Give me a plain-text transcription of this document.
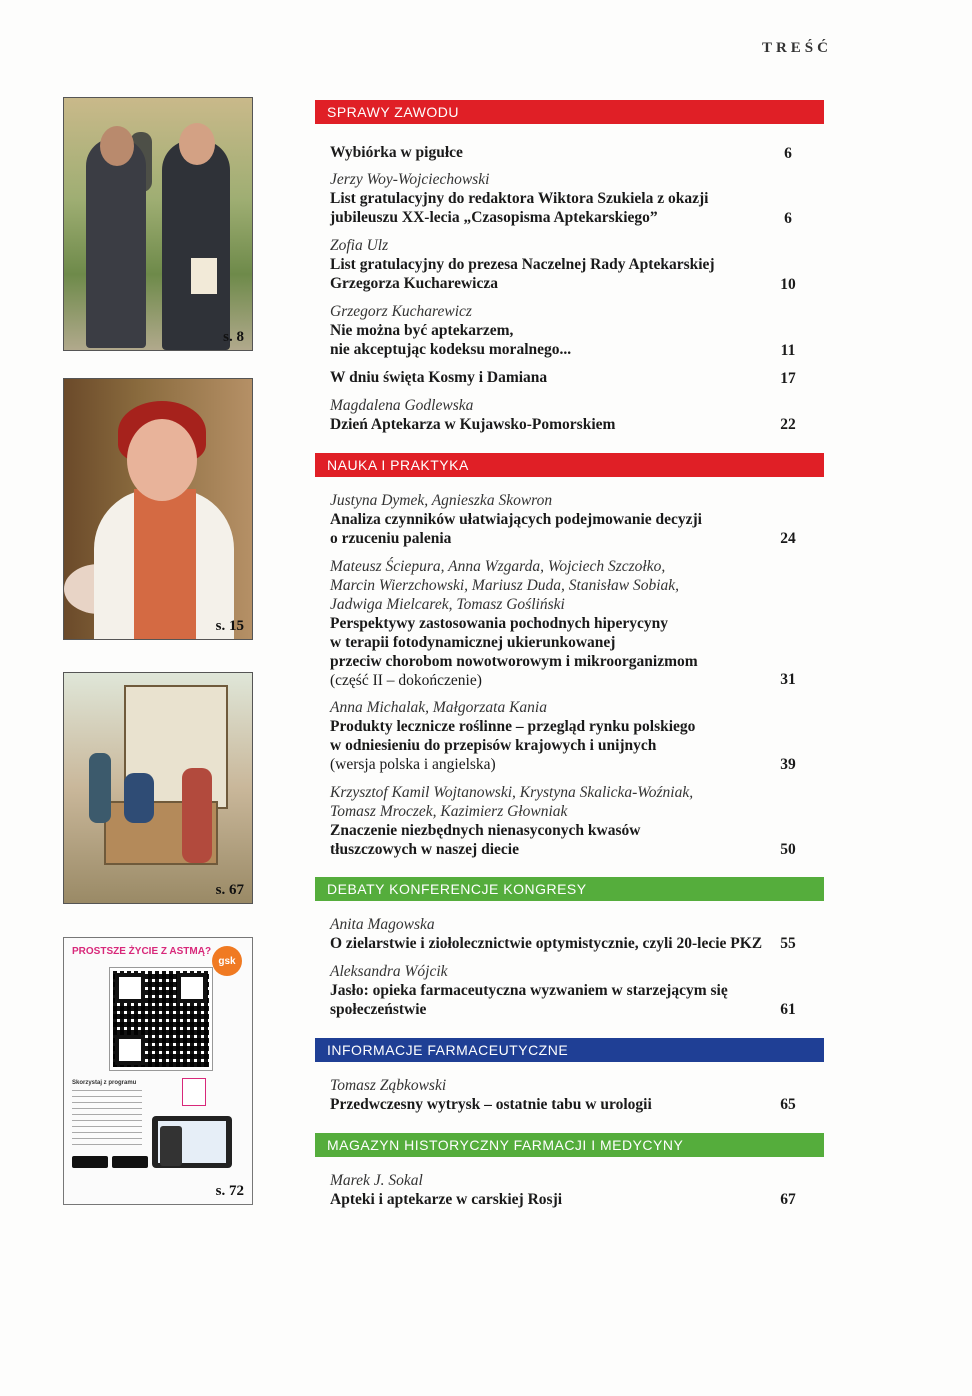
TREŚĆ
s. 8
s. 15
s. 67
PROSTSZE ŻYCIE Z ASTMĄ?
gsk
Skorzystaj z programu
s. 72
SPRAWY ZAWODU
NAUKA I PRAKTYKA
DEBATY KONFERENCJE KONGRESY
INFORMACJE FARMACEUTYCZNE
MAGAZYN HISTORYCZNY FARMACJI I MEDYCYNY
Wybiórka w pigułce	6
Jerzy Woy-Wojciechowski
List gratulacyjny do redaktora Wiktora Szukiela z okazji
jubileuszu XX-lecia „Czasopisma Aptekarskiego”	6
Zofia Ulz
List gratulacyjny do prezesa Naczelnej Rady Aptekarskiej
Grzegorza Kucharewicza	10
Grzegorz Kucharewicz
Nie można być aptekarzem,
nie akceptując kodeksu moralnego...	11
W dniu święta Kosmy i Damiana	17
Magdalena Godlewska
Dzień Aptekarza w Kujawsko-Pomorskiem	22
Justyna Dymek, Agnieszka Skowron
Analiza czynników ułatwiających podejmowanie decyzji
o rzuceniu palenia	24
Mateusz Ściepura, Anna Wzgarda, Wojciech Szczołko,
Marcin Wierzchowski, Mariusz Duda, Stanisław Sobiak,
Jadwiga Mielcarek, Tomasz Gośliński
Perspektywy zastosowania pochodnych hiperycyny
w terapii fotodynamicznej ukierunkowanej
przeciw chorobom nowotworowym i mikroorganizmom
(część II – dokończenie)	31
Anna Michalak, Małgorzata Kania
Produkty lecznicze roślinne – przegląd rynku polskiego
w odniesieniu do przepisów krajowych i unijnych
(wersja polska i angielska)	39
Krzysztof Kamil Wojtanowski, Krystyna Skalicka-Woźniak,
Tomasz Mroczek, Kazimierz Głowniak
Znaczenie niezbędnych nienasyconych kwasów
tłuszczowych w naszej diecie	50
Anita Magowska
O zielarstwie i ziołolecznictwie optymistycznie, czyli 20-lecie PKZ	55
Aleksandra Wójcik
Jasło: opieka farmaceutyczna wyzwaniem w starzejącym się
społeczeństwie	61
Tomasz Ząbkowski
Przedwczesny wytrysk – ostatnie tabu w urologii	65
Marek J. Sokal
Apteki i aptekarze w carskiej Rosji	67
